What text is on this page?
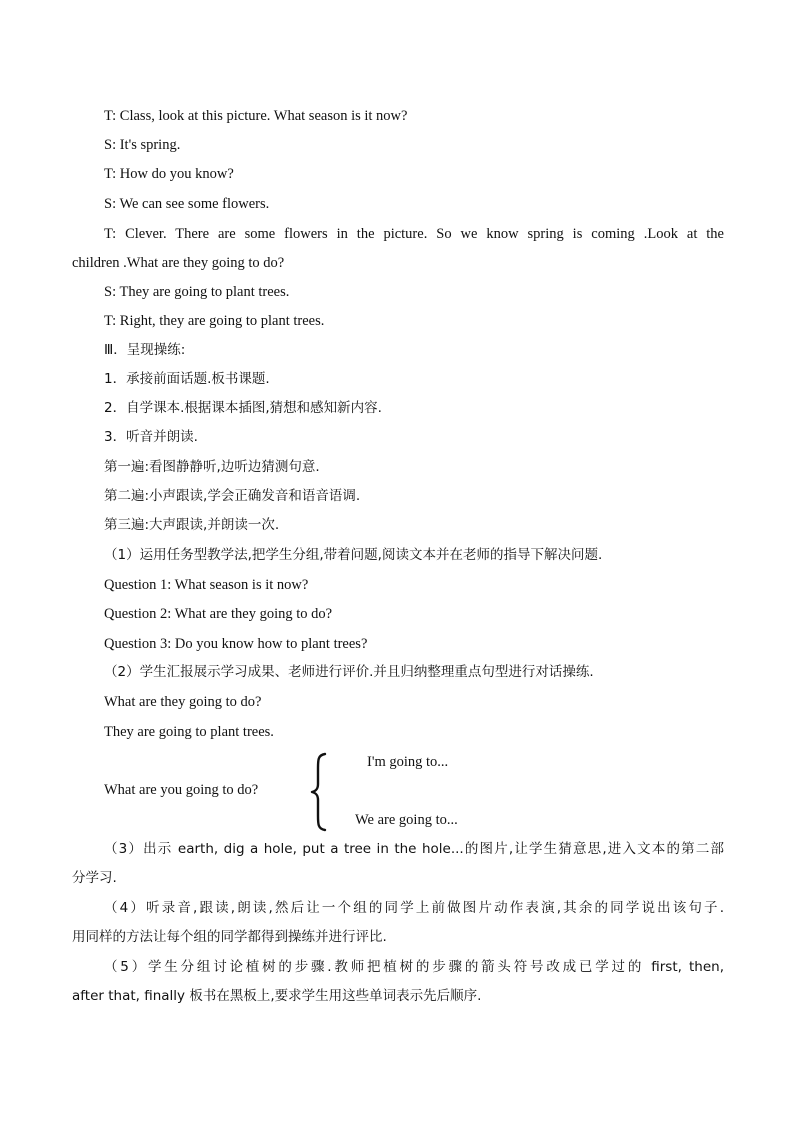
T: Class, look at this picture. What season is it now?
S: It's spring.
T: How do you know?
S: We can see some flowers.
T: Clever. There are some flowers in the picture. So we know spring is coming .Look at the
children .What are they going to do?
S: They are going to plant trees.
T: Right, they are going to plant trees.
Ⅲ．呈现操练:
1．承接前面话题.板书课题.
2．自学课本.根据课本插图,猜想和感知新内容.
3．听音并朗读.
第一遍:看图静静听,边听边猜测句意.
第二遍:小声跟读,学会正确发音和语音语调.
第三遍:大声跟读,并朗读一次.
（1）运用任务型教学法,把学生分组,带着问题,阅读文本并在老师的指导下解决问题.
Question 1: What season is it now?
Question 2: What are they going to do?
Question 3: Do you know how to plant trees?
（2）学生汇报展示学习成果、老师进行评价.并且归纳整理重点句型进行对话操练.
What are they going to do?
They are going to plant trees.
What are you going to do?
I'm going to...
We are going to...
（3）出示 earth, dig a hole, put a tree in the hole...的图片,让学生猜意思,进入文本的第二部
分学习.
（4）听录音,跟读,朗读,然后让一个组的同学上前做图片动作表演,其余的同学说出该句子.
用同样的方法让每个组的同学都得到操练并进行评比.
（5）学生分组讨论植树的步骤.教师把植树的步骤的箭头符号改成已学过的 first, then,
after that, finally 板书在黑板上,要求学生用这些单词表示先后顺序.
